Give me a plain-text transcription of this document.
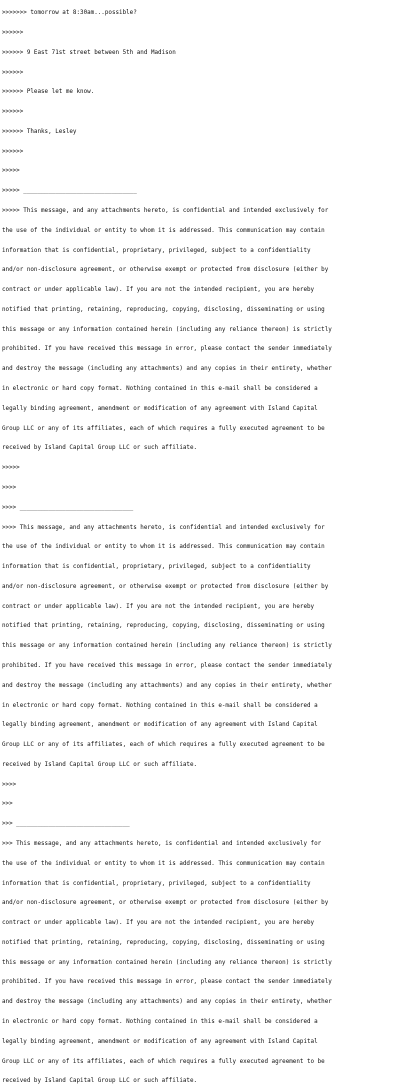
>>>>>>> tomorrow at 8:30am...possible?

>>>>>>

>>>>>> 9 East 71st street between 5th and Madison

>>>>>>

>>>>>> Please let me know.

>>>>>>

>>>>>> Thanks, Lesley

>>>>>>

>>>>>

>>>>> ________________________________

>>>>> This message, and any attachments hereto, is confidential and intended exclusively for

the use of the individual or entity to whom it is addressed. This communication may contain

information that is confidential, proprietary, privileged, subject to a confidentiality

and/or non-disclosure agreement, or otherwise exempt or protected from disclosure (either by

contract or under applicable law). If you are not the intended recipient, you are hereby

notified that printing, retaining, reproducing, copying, disclosing, disseminating or using

this message or any information contained herein (including any reliance thereon) is strictly

prohibited. If you have received this message in error, please contact the sender immediately

and destroy the message (including any attachments) and any copies in their entirety, whether

in electronic or hard copy format. Nothing contained in this e-mail shall be considered a

legally binding agreement, amendment or modification of any agreement with Island Capital

Group LLC or any of its affiliates, each of which requires a fully executed agreement to be

received by Island Capital Group LLC or such affiliate.

>>>>>

>>>>

>>>> ________________________________

>>>> This message, and any attachments hereto, is confidential and intended exclusively for

the use of the individual or entity to whom it is addressed. This communication may contain

information that is confidential, proprietary, privileged, subject to a confidentiality

and/or non-disclosure agreement, or otherwise exempt or protected from disclosure (either by

contract or under applicable law). If you are not the intended recipient, you are hereby

notified that printing, retaining, reproducing, copying, disclosing, disseminating or using

this message or any information contained herein (including any reliance thereon) is strictly

prohibited. If you have received this message in error, please contact the sender immediately

and destroy the message (including any attachments) and any copies in their entirety, whether

in electronic or hard copy format. Nothing contained in this e-mail shall be considered a

legally binding agreement, amendment or modification of any agreement with Island Capital

Group LLC or any of its affiliates, each of which requires a fully executed agreement to be

received by Island Capital Group LLC or such affiliate.

>>>>

>>>

>>> ________________________________

>>> This message, and any attachments hereto, is confidential and intended exclusively for

the use of the individual or entity to whom it is addressed. This communication may contain

information that is confidential, proprietary, privileged, subject to a confidentiality

and/or non-disclosure agreement, or otherwise exempt or protected from disclosure (either by

contract or under applicable law). If you are not the intended recipient, you are hereby

notified that printing, retaining, reproducing, copying, disclosing, disseminating or using

this message or any information contained herein (including any reliance thereon) is strictly

prohibited. If you have received this message in error, please contact the sender immediately

and destroy the message (including any attachments) and any copies in their entirety, whether

in electronic or hard copy format. Nothing contained in this e-mail shall be considered a

legally binding agreement, amendment or modification of any agreement with Island Capital

Group LLC or any of its affiliates, each of which requires a fully executed agreement to be

received by Island Capital Group LLC or such affiliate.
